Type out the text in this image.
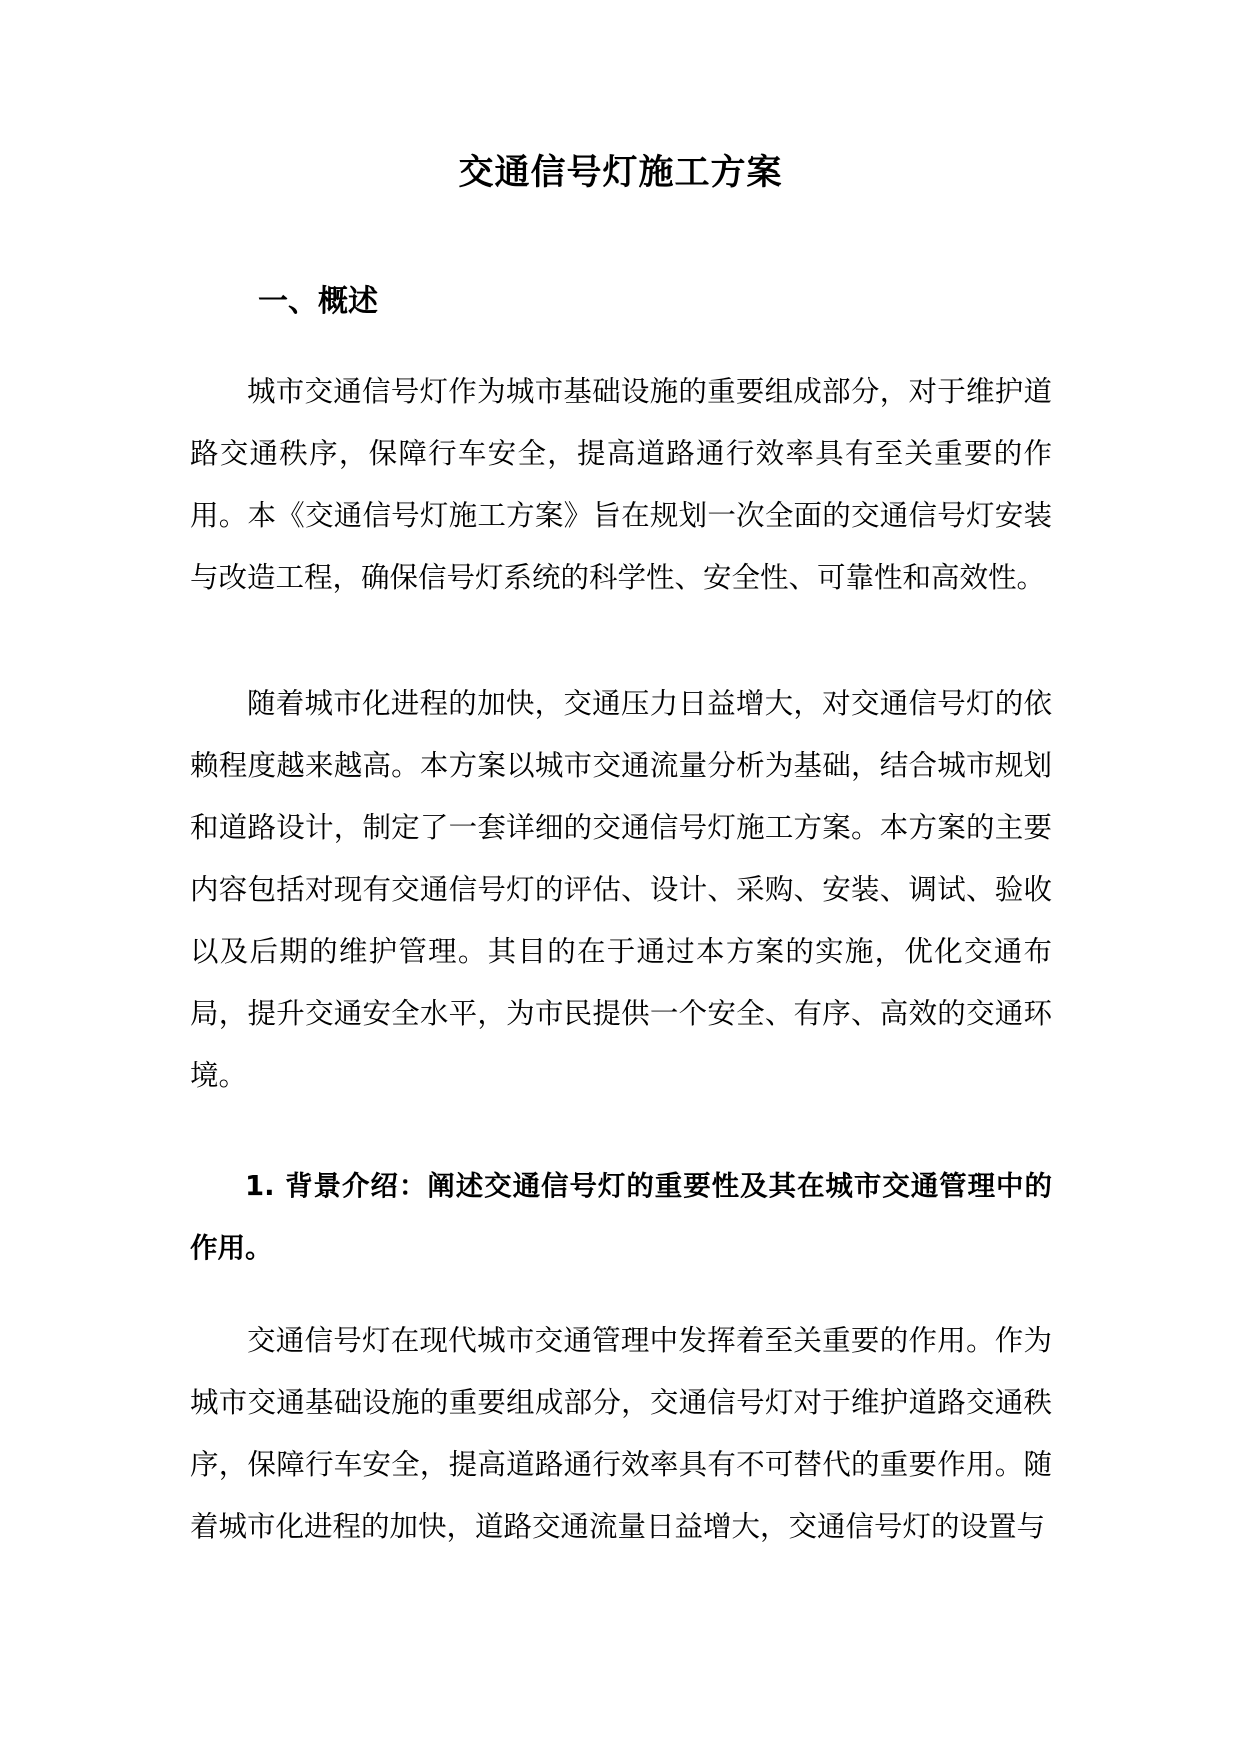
交通信号灯施工方案
一、概述

城市交通信号灯作为城市基础设施的重要组成部分，对于维护道路交通秩序，保障行车安全，提高道路通行效率具有至关重要的作用。本《交通信号灯施工方案》旨在规划一次全面的交通信号灯安装与改造工程，确保信号灯系统的科学性、安全性、可靠性和高效性。

随着城市化进程的加快，交通压力日益增大，对交通信号灯的依赖程度越来越高。本方案以城市交通流量分析为基础，结合城市规划和道路设计，制定了一套详细的交通信号灯施工方案。本方案的主要内容包括对现有交通信号灯的评估、设计、采购、安装、调试、验收以及后期的维护管理。其目的在于通过本方案的实施，优化交通布局，提升交通安全水平，为市民提供一个安全、有序、高效的交通环境。

1. 背景介绍：阐述交通信号灯的重要性及其在城市交通管理中的作用。

交通信号灯在现代城市交通管理中发挥着至关重要的作用。作为城市交通基础设施的重要组成部分，交通信号灯对于维护道路交通秩序，保障行车安全，提高道路通行效率具有不可替代的重要作用。随着城市化进程的加快，道路交通流量日益增大，交通信号灯的设置与
